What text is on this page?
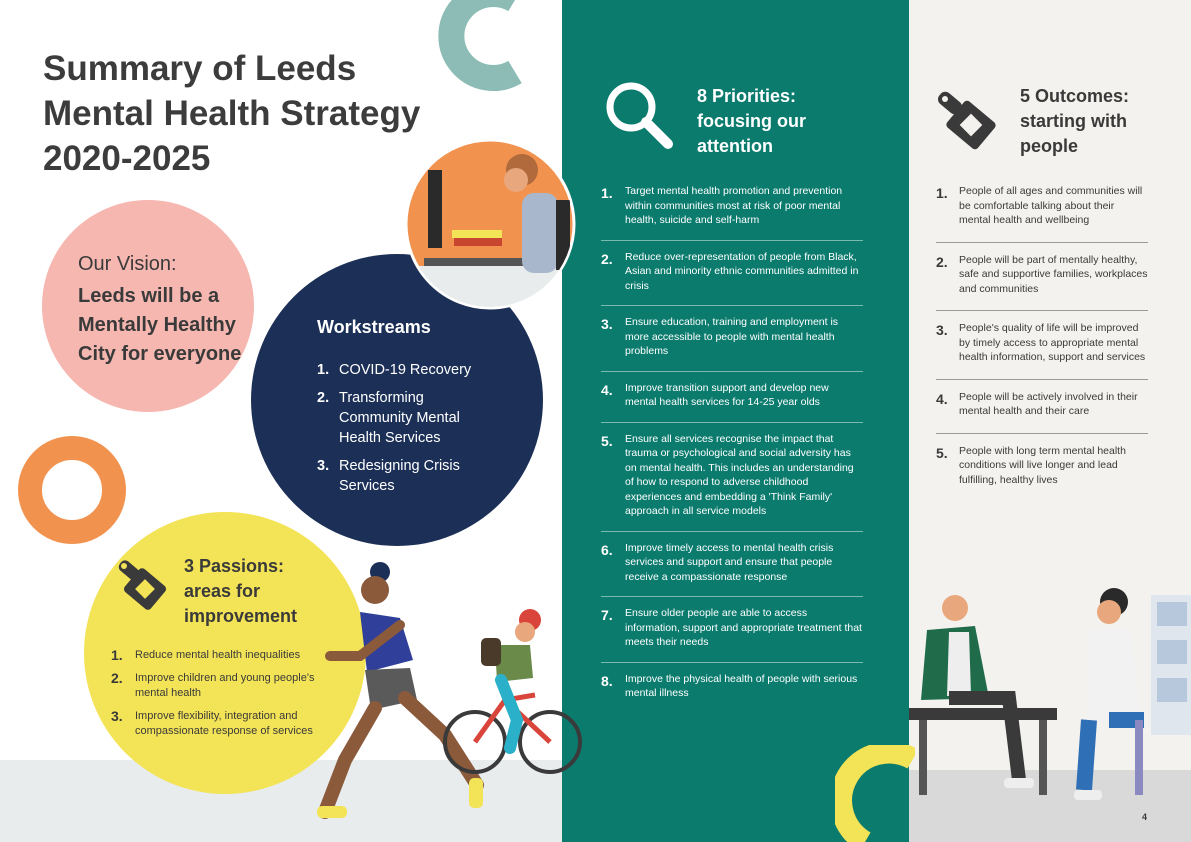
Summary of Leeds Mental Health Strategy 2020-2025
Our Vision:
Leeds will be a Mentally Healthy City for everyone
Workstreams
1. COVID-19 Recovery
2. Transforming Community Mental Health Services
3. Redesigning Crisis Services
3 Passions: areas for improvement
1.	Reduce mental health inequalities
2.	Improve children and young people's mental health
3.	Improve flexibility, integration and compassionate response of services
8 Priorities: focusing our attention
1.	Target mental health promotion and prevention within communities most at risk of poor mental health, suicide and self-harm
2.	Reduce over-representation of people from Black, Asian and minority ethnic communities admitted in crisis
3.	Ensure education, training and employment is more accessible to people with mental health problems
4.	Improve transition support and develop new mental health services for 14-25 year olds
5.	Ensure all services recognise the impact that trauma or psychological and social adversity has on mental health. This includes an understanding of how to respond to adverse childhood experiences and embedding a 'Think Family' approach in all service models
6.	Improve timely access to mental health crisis services and support and ensure that people receive a compassionate response
7.	Ensure older people are able to access information, support and appropriate treatment that meets their needs
8.	Improve the physical health of people with serious mental illness
5 Outcomes: starting with people
1.	People of all ages and communities will be comfortable talking about their mental health and wellbeing
2.	People will be part of mentally healthy, safe and supportive families, workplaces and communities
3.	People's quality of life will be improved by timely access to appropriate mental health information, support and services
4.	People will be actively involved in their mental health and their care
5.	People with long term mental health conditions will live longer and lead fulfilling, healthy lives
4
